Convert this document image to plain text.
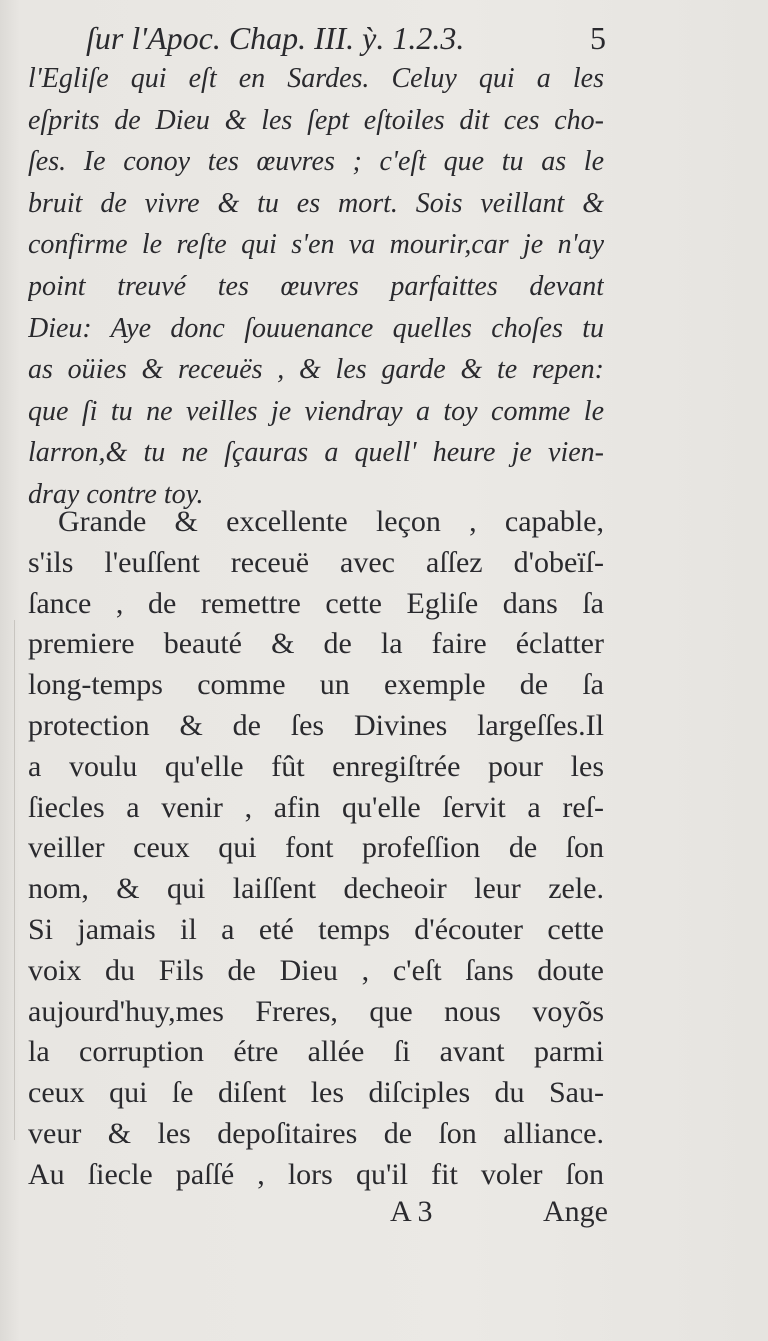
ſur l'Apoc. Chap. III. ỳ. 1.2.3.	5
l'Egliſe qui eſt en Sardes. Celuy qui a les
eſprits de Dieu & les ſept eſtoiles dit ces cho-
ſes. Ie conoy tes œuvres ; c'eſt que tu as le
bruit de vivre & tu es mort. Sois veillant &
confirme le reſte qui s'en va mourir,car je n'ay
point treuvé tes œuvres parfaittes devant
Dieu: Aye donc ſouuenance quelles choſes tu
as oüies & receuës , & les garde & te repen:
que ſi tu ne veilles je viendray a toy comme le
larron,& tu ne ſçauras a quell' heure je vien-
dray contre toy.
Grande & excellente leçon , capable,
s'ils l'euſſent receuë avec aſſez d'obeïſ-
ſance , de remettre cette Egliſe dans ſa
premiere beauté & de la faire éclatter
long-temps comme un exemple de ſa
protection & de ſes Divines largeſſes.Il
a voulu qu'elle fût enregiſtrée pour les
ſiecles a venir , afin qu'elle ſervit a reſ-
veiller ceux qui font profeſſion de ſon
nom, & qui laiſſent decheoir leur zele.
Si jamais il a eté temps d'écouter cette
voix du Fils de Dieu , c'eſt ſans doute
aujourd'huy,mes Freres, que nous voyõs
la corruption étre allée ſi avant parmi
ceux qui ſe diſent les diſciples du Sau-
veur & les depoſitaires de ſon alliance.
Au ſiecle paſſé , lors qu'il fit voler ſon
A 3	Ange
